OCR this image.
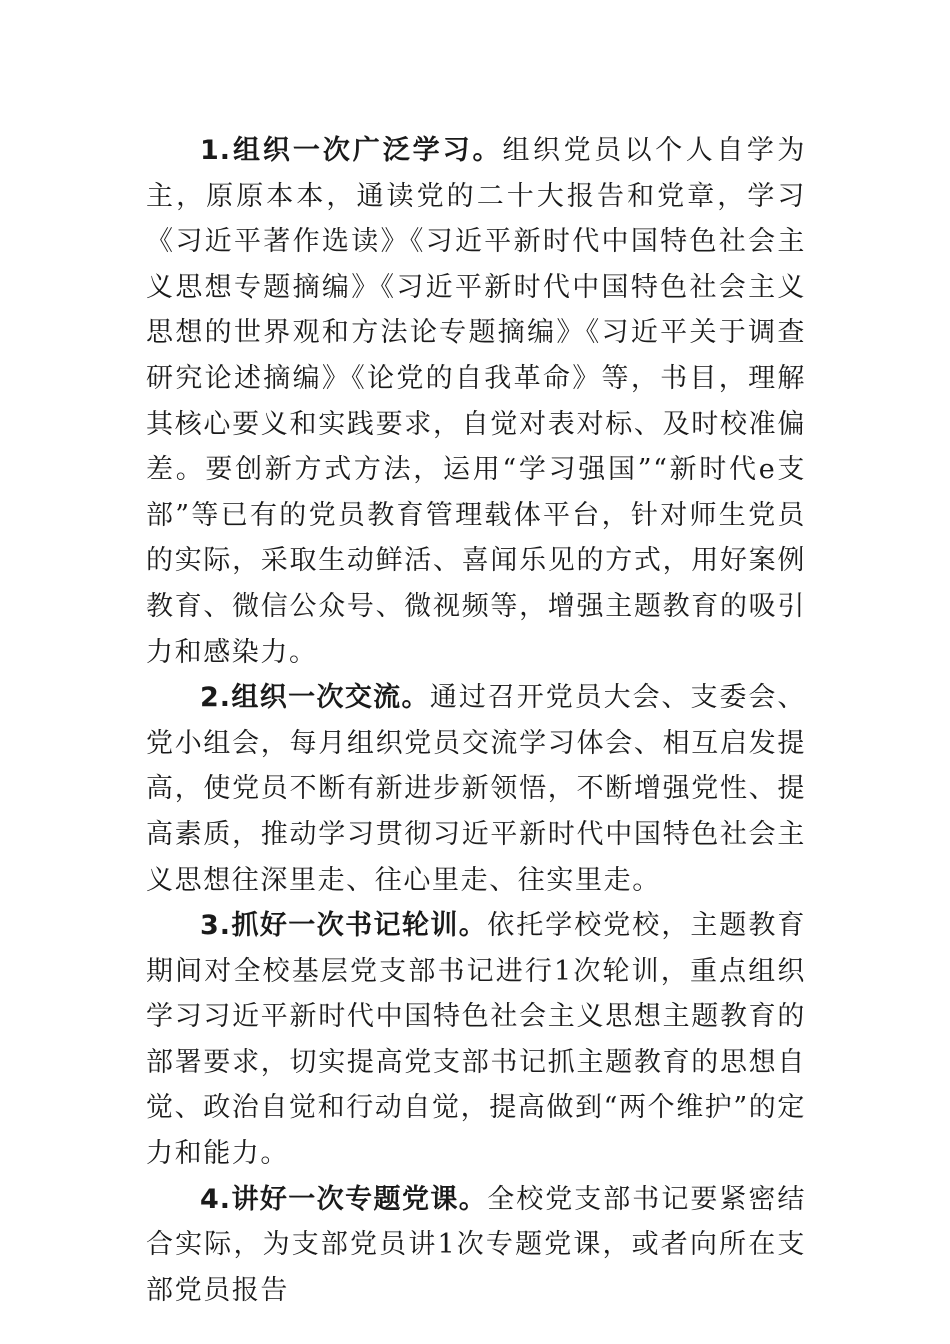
1.组织一次广泛学习。组织党员以个人自学为主，原原本本，通读党的二十大报告和党章，学习《习近平著作选读》《习近平新时代中国特色社会主义思想专题摘编》《习近平新时代中国特色社会主义思想的世界观和方法论专题摘编》《习近平关于调查研究论述摘编》《论党的自我革命》等，书目，理解其核心要义和实践要求，自觉对表对标、及时校准偏差。要创新方式方法，运用“学习强国”“新时代e支部”等已有的党员教育管理载体平台，针对师生党员的实际，采取生动鲜活、喜闻乐见的方式，用好案例教育、微信公众号、微视频等，增强主题教育的吸引力和感染力。

2.组织一次交流。通过召开党员大会、支委会、党小组会，每月组织党员交流学习体会、相互启发提高，使党员不断有新进步新领悟，不断增强党性、提高素质，推动学习贯彻习近平新时代中国特色社会主义思想往深里走、往心里走、往实里走。

3.抓好一次书记轮训。依托学校党校，主题教育期间对全校基层党支部书记进行1次轮训，重点组织学习习近平新时代中国特色社会主义思想主题教育的部署要求，切实提高党支部书记抓主题教育的思想自觉、政治自觉和行动自觉，提高做到“两个维护”的定力和能力。

4.讲好一次专题党课。全校党支部书记要紧密结合实际，为支部党员讲1次专题党课，或者向所在支部党员报告
